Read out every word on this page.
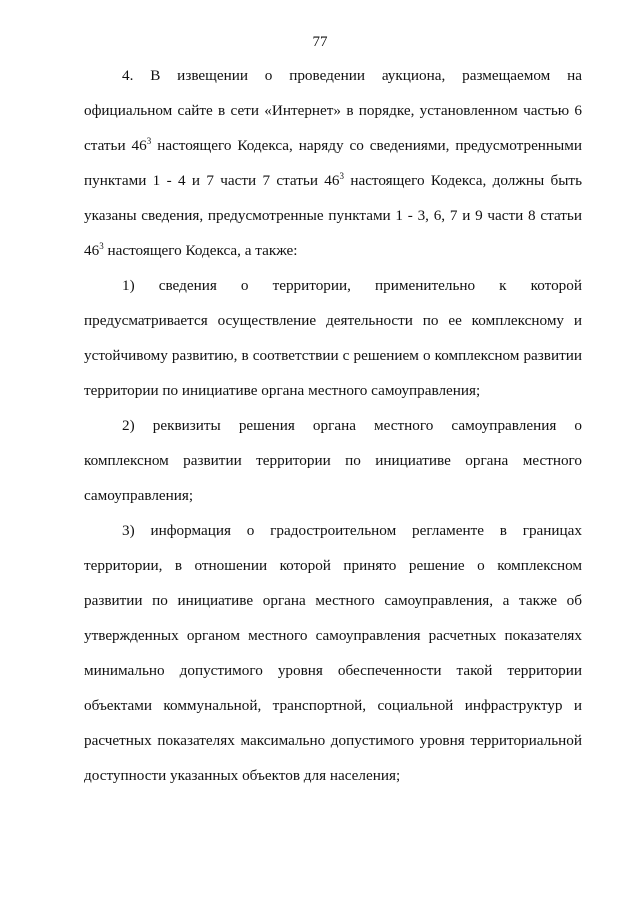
77
4. В извещении о проведении аукциона, размещаемом на
официальном сайте в сети «Интернет» в порядке, установленном частью 6
статьи $46^3$ настоящего Кодекса, наряду со сведениями, предусмотренными
пунктами 1 - 4 и 7 части 7 статьи $46^3$ настоящего Кодекса, должны быть
указаны сведения, предусмотренные пунктами 1 - 3, 6, 7 и 9 части 8 статьи
$46^3$ настоящего Кодекса, а также:
1) сведения о территории, применительно к которой
предусматривается осуществление деятельности по ее комплексному и
устойчивому развитию, в соответствии с решением о комплексном развитии
территории по инициативе органа местного самоуправления;
2) реквизиты решения органа местного самоуправления о
комплексном развитии территории по инициативе органа местного
самоуправления;
3) информация о градостроительном регламенте в границах
территории, в отношении которой принято решение о комплексном
развитии по инициативе органа местного самоуправления, а также об
утвержденных органом местного самоуправления расчетных показателях
минимально допустимого уровня обеспеченности такой территории
объектами коммунальной, транспортной, социальной инфраструктур и
расчетных показателях максимально допустимого уровня территориальной
доступности указанных объектов для населения;
